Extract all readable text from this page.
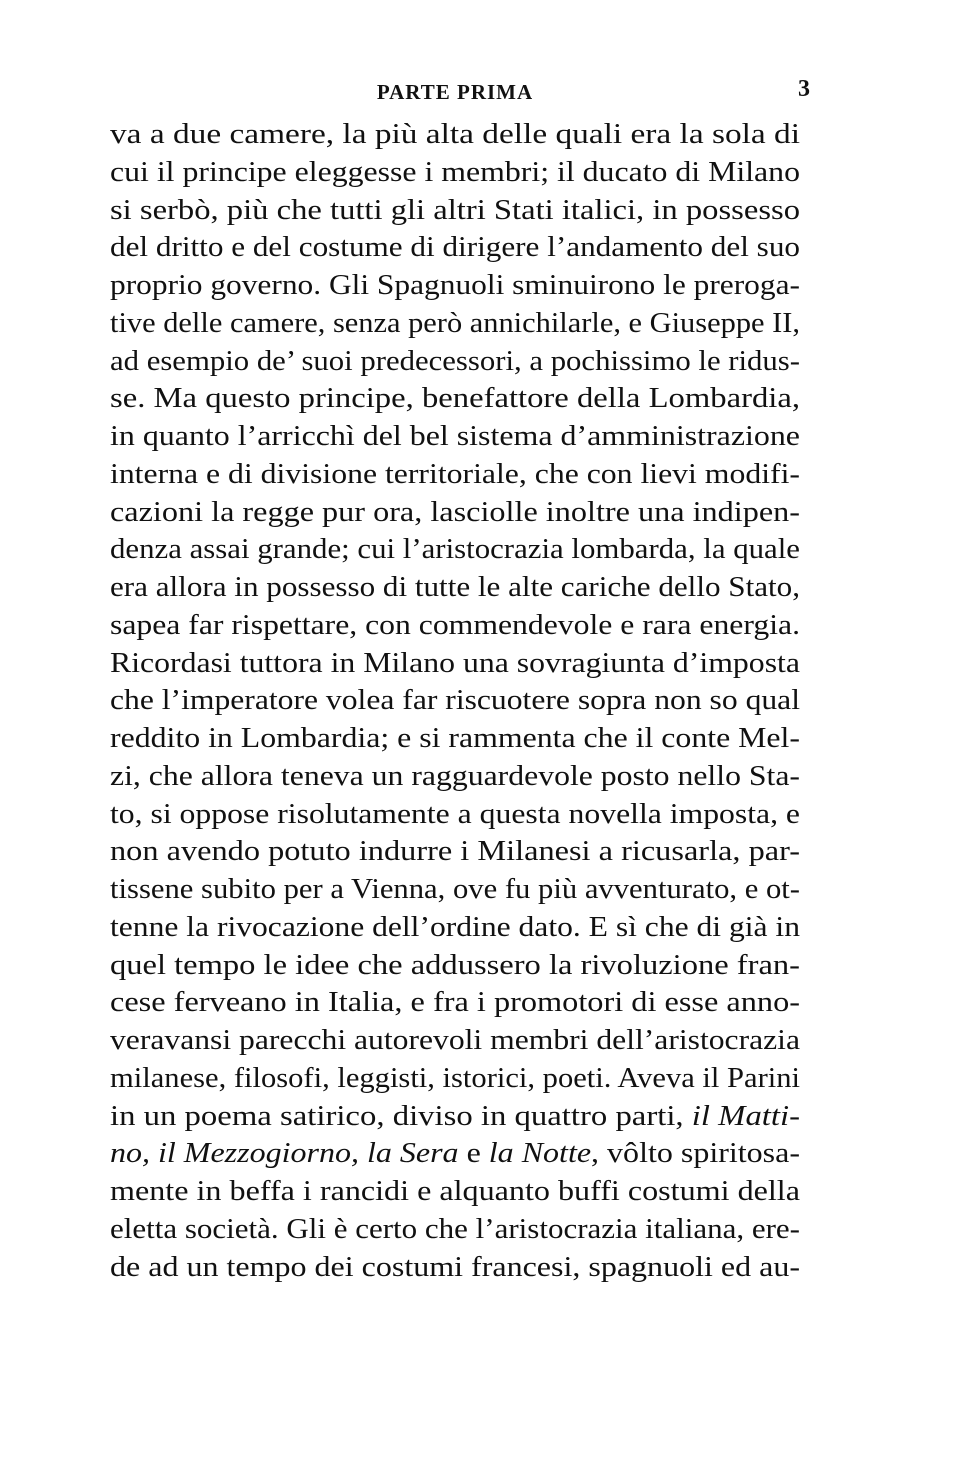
PARTE PRIMA	3
va a due camere, la più alta delle quali era la sola di
cui il principe eleggesse i membri; il ducato di Milano
si serbò, più che tutti gli altri Stati italici, in possesso
del dritto e del costume di dirigere l’andamento del suo
proprio governo. Gli Spagnuoli sminuirono le preroga-
tive delle camere, senza però annichilarle, e Giuseppe II,
ad esempio de’ suoi predecessori, a pochissimo le ridus-
se. Ma questo principe, benefattore della Lombardia,
in quanto l’arricchì del bel sistema d’amministrazione
interna e di divisione territoriale, che con lievi modifi-
cazioni la regge pur ora, lasciolle inoltre una indipen-
denza assai grande; cui l’aristocrazia lombarda, la quale
era allora in possesso di tutte le alte cariche dello Stato,
sapea far rispettare, con commendevole e rara energia.
Ricordasi tuttora in Milano una sovragiunta d’imposta
che l’imperatore volea far riscuotere sopra non so qual
reddito in Lombardia; e si rammenta che il conte Mel-
zi, che allora teneva un ragguardevole posto nello Sta-
to, si oppose risolutamente a questa novella imposta, e
non avendo potuto indurre i Milanesi a ricusarla, par-
tissene subito per a Vienna, ove fu più avventurato, e ot-
tenne la rivocazione dell’ordine dato. E sì che di già in
quel tempo le idee che addussero la rivoluzione fran-
cese ferveano in Italia, e fra i promotori di esse anno-
veravansi parecchi autorevoli membri dell’aristocrazia
milanese, filosofi, leggisti, istorici, poeti. Aveva il Parini
in un poema satirico, diviso in quattro parti, il Matti-
no, il Mezzogiorno, la Sera e la Notte, vôlto spiritosa-
mente in beffa i rancidi e alquanto buffi costumi della
eletta società. Gli è certo che l’aristocrazia italiana, ere-
de ad un tempo dei costumi francesi, spagnuoli ed au-
